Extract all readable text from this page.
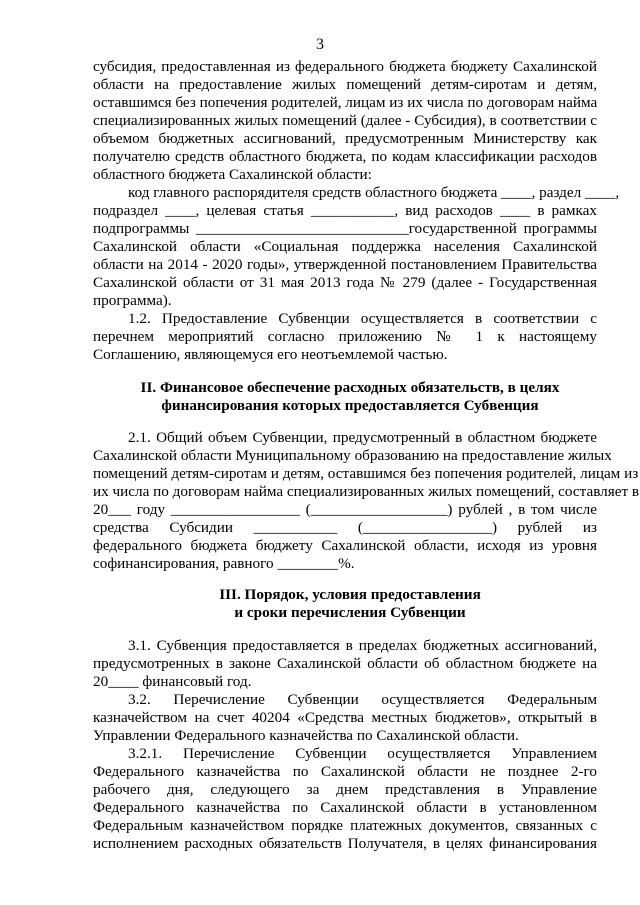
3
субсидия, предоставленная из федерального бюджета бюджету Сахалинской
области на предоставление жилых помещений детям-сиротам и детям,
оставшимся без попечения родителей, лицам из их числа по договорам найма
специализированных жилых помещений (далее - Субсидия), в соответствии с
объемом бюджетных ассигнований, предусмотренным Министерству как
получателю средств областного бюджета, по кодам классификации расходов
областного бюджета Сахалинской области:
код главного распорядителя средств областного бюджета ____, раздел ____,
подраздел ____, целевая статья ___________, вид расходов ____ в рамках
подпрограммы ____________________________государственной программы
Сахалинской области «Социальная поддержка населения Сахалинской
области на 2014 - 2020 годы», утвержденной постановлением Правительства
Сахалинской области от 31 мая 2013 года № 279 (далее - Государственная
программа).
1.2. Предоставление Субвенции осуществляется в соответствии с
перечнем мероприятий согласно приложению № 1 к настоящему
Соглашению, являющемуся его неотъемлемой частью.
II. Финансовое обеспечение расходных обязательств, в целях
финансирования которых предоставляется Субвенция
2.1. Общий объем Субвенции, предусмотренный в областном бюджете
Сахалинской области Муниципальному образованию на предоставление жилых
помещений детям-сиротам и детям, оставшимся без попечения родителей, лицам из
их числа по договорам найма специализированных жилых помещений, составляет в
20___ году _________________ (__________________) рублей , в том числе
средства Субсидии ___________ (_________________) рублей из
федерального бюджета бюджету Сахалинской области, исходя из уровня
софинансирования, равного ________%.
III. Порядок, условия предоставления
и сроки перечисления Субвенции
3.1. Субвенция предоставляется в пределах бюджетных ассигнований,
предусмотренных в законе Сахалинской области об областном бюджете на
20____ финансовый год.
3.2. Перечисление Субвенции осуществляется Федеральным
казначейством на счет 40204 «Средства местных бюджетов», открытый в
Управлении Федерального казначейства по Сахалинской области.
3.2.1. Перечисление Субвенции осуществляется Управлением
Федерального казначейства по Сахалинской области не позднее 2-го
рабочего дня, следующего за днем представления в Управление
Федерального казначейства по Сахалинской области в установленном
Федеральным казначейством порядке платежных документов, связанных с
исполнением расходных обязательств Получателя, в целях финансирования
